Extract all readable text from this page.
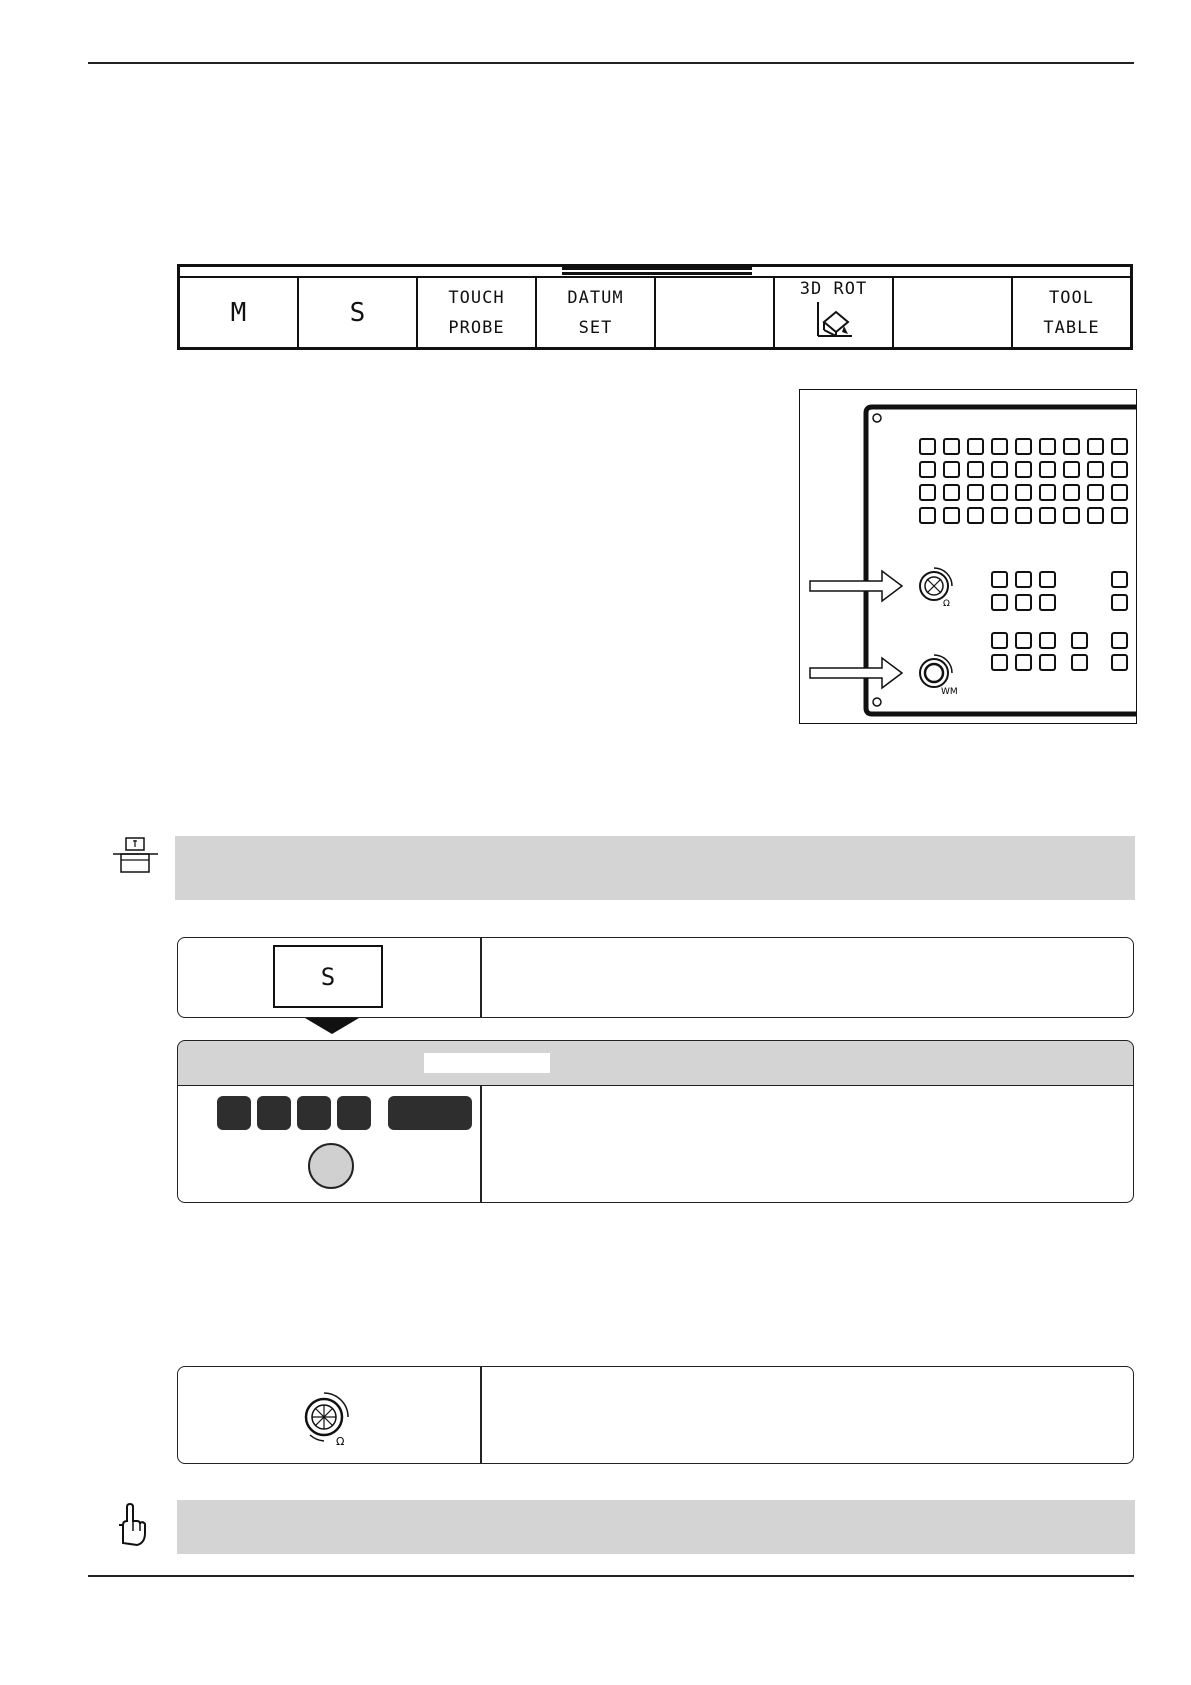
M	S	TOUCH
PROBE
DATUM
SET
3D ROT	TOOL
TABLE
Ω
WM
S
Ω
